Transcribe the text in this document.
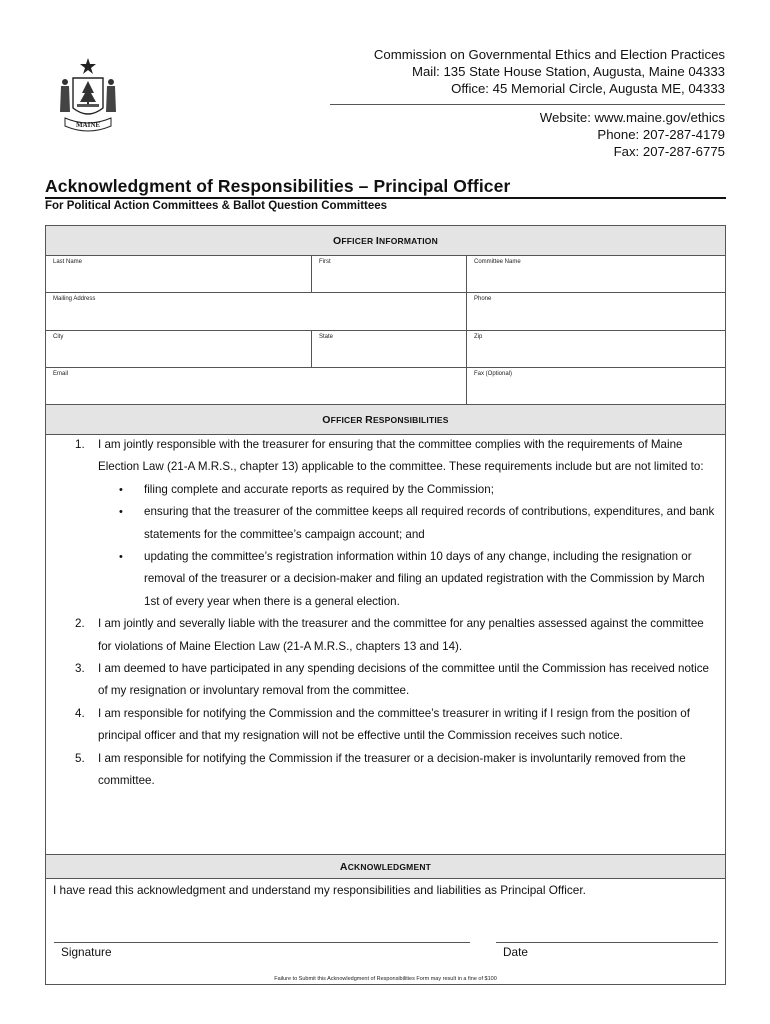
MAINE
Commission on Governmental Ethics and Election Practices
Mail: 135 State House Station, Augusta, Maine 04333
Office: 45 Memorial Circle, Augusta ME, 04333
Website: www.maine.gov/ethics
Phone: 207-287-4179
Fax: 207-287-6775
Acknowledgment of Responsibilities – Principal Officer
For Political Action Committees & Ballot Question Committees
OFFICER INFORMATION
Last Name	First	Committee Name
Mailing Address	Phone
City	State	Zip
Email	Fax (Optional)
OFFICER RESPONSIBILITIES
1. I am jointly responsible with the treasurer for ensuring that the committee complies with the requirements of Maine Election Law (21-A M.R.S., chapter 13) applicable to the committee. These requirements include but are not limited to:
• filing complete and accurate reports as required by the Commission;
• ensuring that the treasurer of the committee keeps all required records of contributions, expenditures, and bank statements for the committee’s campaign account; and
• updating the committee’s registration information within 10 days of any change, including the resignation or removal of the treasurer or a decision-maker and filing an updated registration with the Commission by March 1st of every year when there is a general election.
2. I am jointly and severally liable with the treasurer and the committee for any penalties assessed against the committee for violations of Maine Election Law (21-A M.R.S., chapters 13 and 14).
3. I am deemed to have participated in any spending decisions of the committee until the Commission has received notice of my resignation or involuntary removal from the committee.
4. I am responsible for notifying the Commission and the committee’s treasurer in writing if I resign from the position of principal officer and that my resignation will not be effective until the Commission receives such notice.
5. I am responsible for notifying the Commission if the treasurer or a decision-maker is involuntarily removed from the committee.
ACKNOWLEDGMENT
I have read this acknowledgment and understand my responsibilities and liabilities as Principal Officer.
Signature	Date
Failure to Submit this Acknowledgment of Responsibilities Form may result in a fine of $100
